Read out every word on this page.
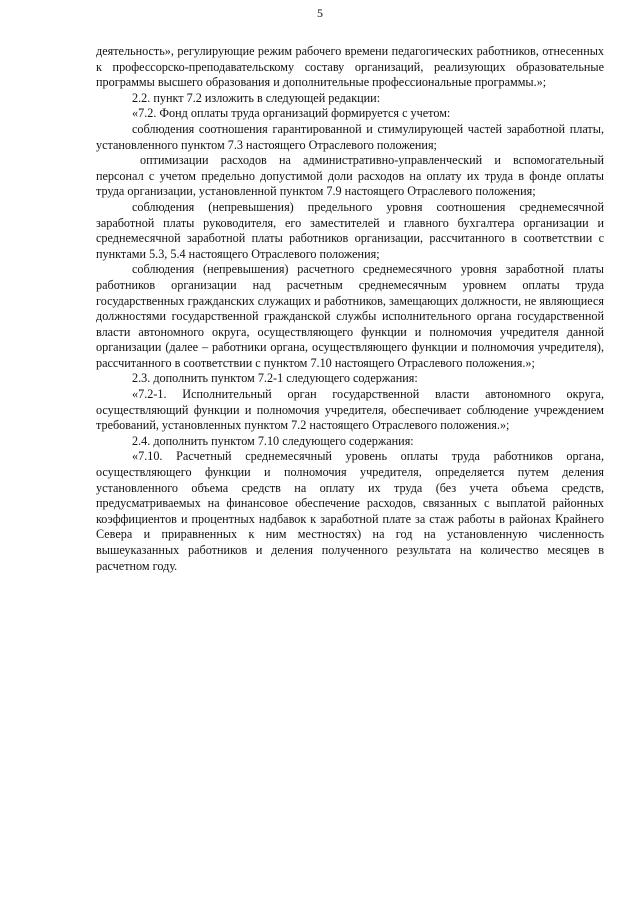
5

деятельность», регулирующие режим рабочего времени педагогических работников, отнесенных к профессорско-преподавательскому составу организаций, реализующих образовательные программы высшего образования и дополнительные профессиональные программы.»;

2.2. пункт 7.2 изложить в следующей редакции:

«7.2. Фонд оплаты труда организаций формируется с учетом:

соблюдения соотношения гарантированной и стимулирующей частей заработной платы, установленного пунктом 7.3 настоящего Отраслевого положения;

оптимизации расходов на административно-управленческий и вспомогательный персонал с учетом предельно допустимой доли расходов на оплату их труда в фонде оплаты труда организации, установленной пунктом 7.9 настоящего Отраслевого положения;

соблюдения (непревышения) предельного уровня соотношения среднемесячной заработной платы руководителя, его заместителей и главного бухгалтера организации и среднемесячной заработной платы работников организации, рассчитанного в соответствии с пунктами 5.3, 5.4 настоящего Отраслевого положения;

соблюдения (непревышения) расчетного среднемесячного уровня заработной платы работников организации над расчетным среднемесячным уровнем оплаты труда государственных гражданских служащих и работников, замещающих должности, не являющиеся должностями государственной гражданской службы исполнительного органа государственной власти автономного округа, осуществляющего функции и полномочия учредителя данной организации (далее – работники органа, осуществляющего функции и полномочия учредителя), рассчитанного в соответствии с пунктом 7.10 настоящего Отраслевого положения.»;

2.3. дополнить пунктом 7.2-1 следующего содержания:

«7.2-1. Исполнительный орган государственной власти автономного округа, осуществляющий функции и полномочия учредителя, обеспечивает соблюдение учреждением требований, установленных пунктом 7.2 настоящего Отраслевого положения.»;

2.4. дополнить пунктом 7.10 следующего содержания:

«7.10. Расчетный среднемесячный уровень оплаты труда работников органа, осуществляющего функции и полномочия учредителя, определяется путем деления установленного объема средств на оплату их труда (без учета объема средств, предусматриваемых на финансовое обеспечение расходов, связанных с выплатой районных коэффициентов и процентных надбавок к заработной плате за стаж работы в районах Крайнего Севера и приравненных к ним местностях) на год на установленную численность вышеуказанных работников и деления полученного результата на количество месяцев в расчетном году.
